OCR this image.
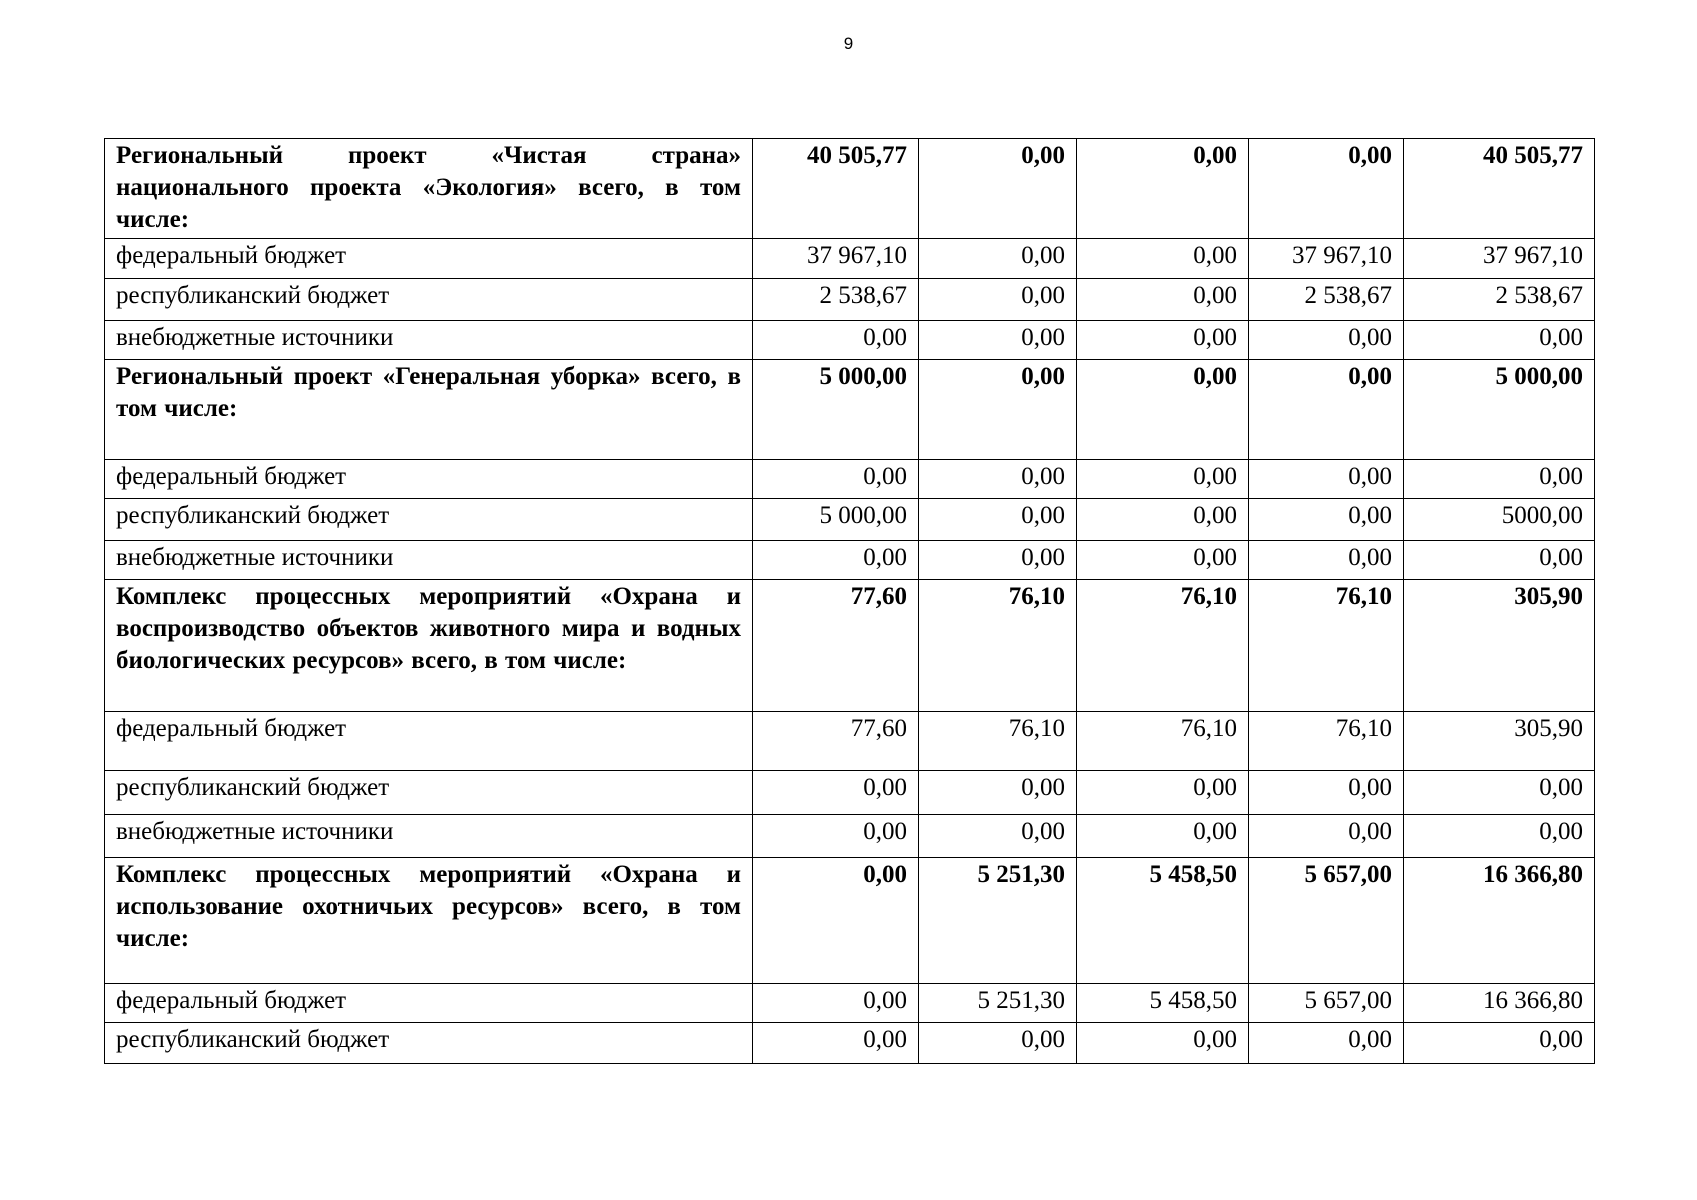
9
Региональный проект «Чистая страна» национального проекта «Экология» всего, в том числе:	40 505,77	0,00	0,00	0,00	40 505,77
федеральный бюджет	37 967,10	0,00	0,00	37 967,10	37 967,10
республиканский бюджет	2 538,67	0,00	0,00	2 538,67	2 538,67
внебюджетные источники	0,00	0,00	0,00	0,00	0,00
Региональный проект «Генеральная уборка» всего, в том числе:	5 000,00	0,00	0,00	0,00	5 000,00
федеральный бюджет	0,00	0,00	0,00	0,00	0,00
республиканский бюджет	5 000,00	0,00	0,00	0,00	5000,00
внебюджетные источники	0,00	0,00	0,00	0,00	0,00
Комплекс процессных мероприятий «Охрана и воспроизводство объектов животного мира и водных биологических ресурсов» всего, в том числе:	77,60	76,10	76,10	76,10	305,90
федеральный бюджет	77,60	76,10	76,10	76,10	305,90
республиканский бюджет	0,00	0,00	0,00	0,00	0,00
внебюджетные источники	0,00	0,00	0,00	0,00	0,00
Комплекс процессных мероприятий «Охрана и использование охотничьих ресурсов» всего, в том числе:	0,00	5 251,30	5 458,50	5 657,00	16 366,80
федеральный бюджет	0,00	5 251,30	5 458,50	5 657,00	16 366,80
республиканский бюджет	0,00	0,00	0,00	0,00	0,00
